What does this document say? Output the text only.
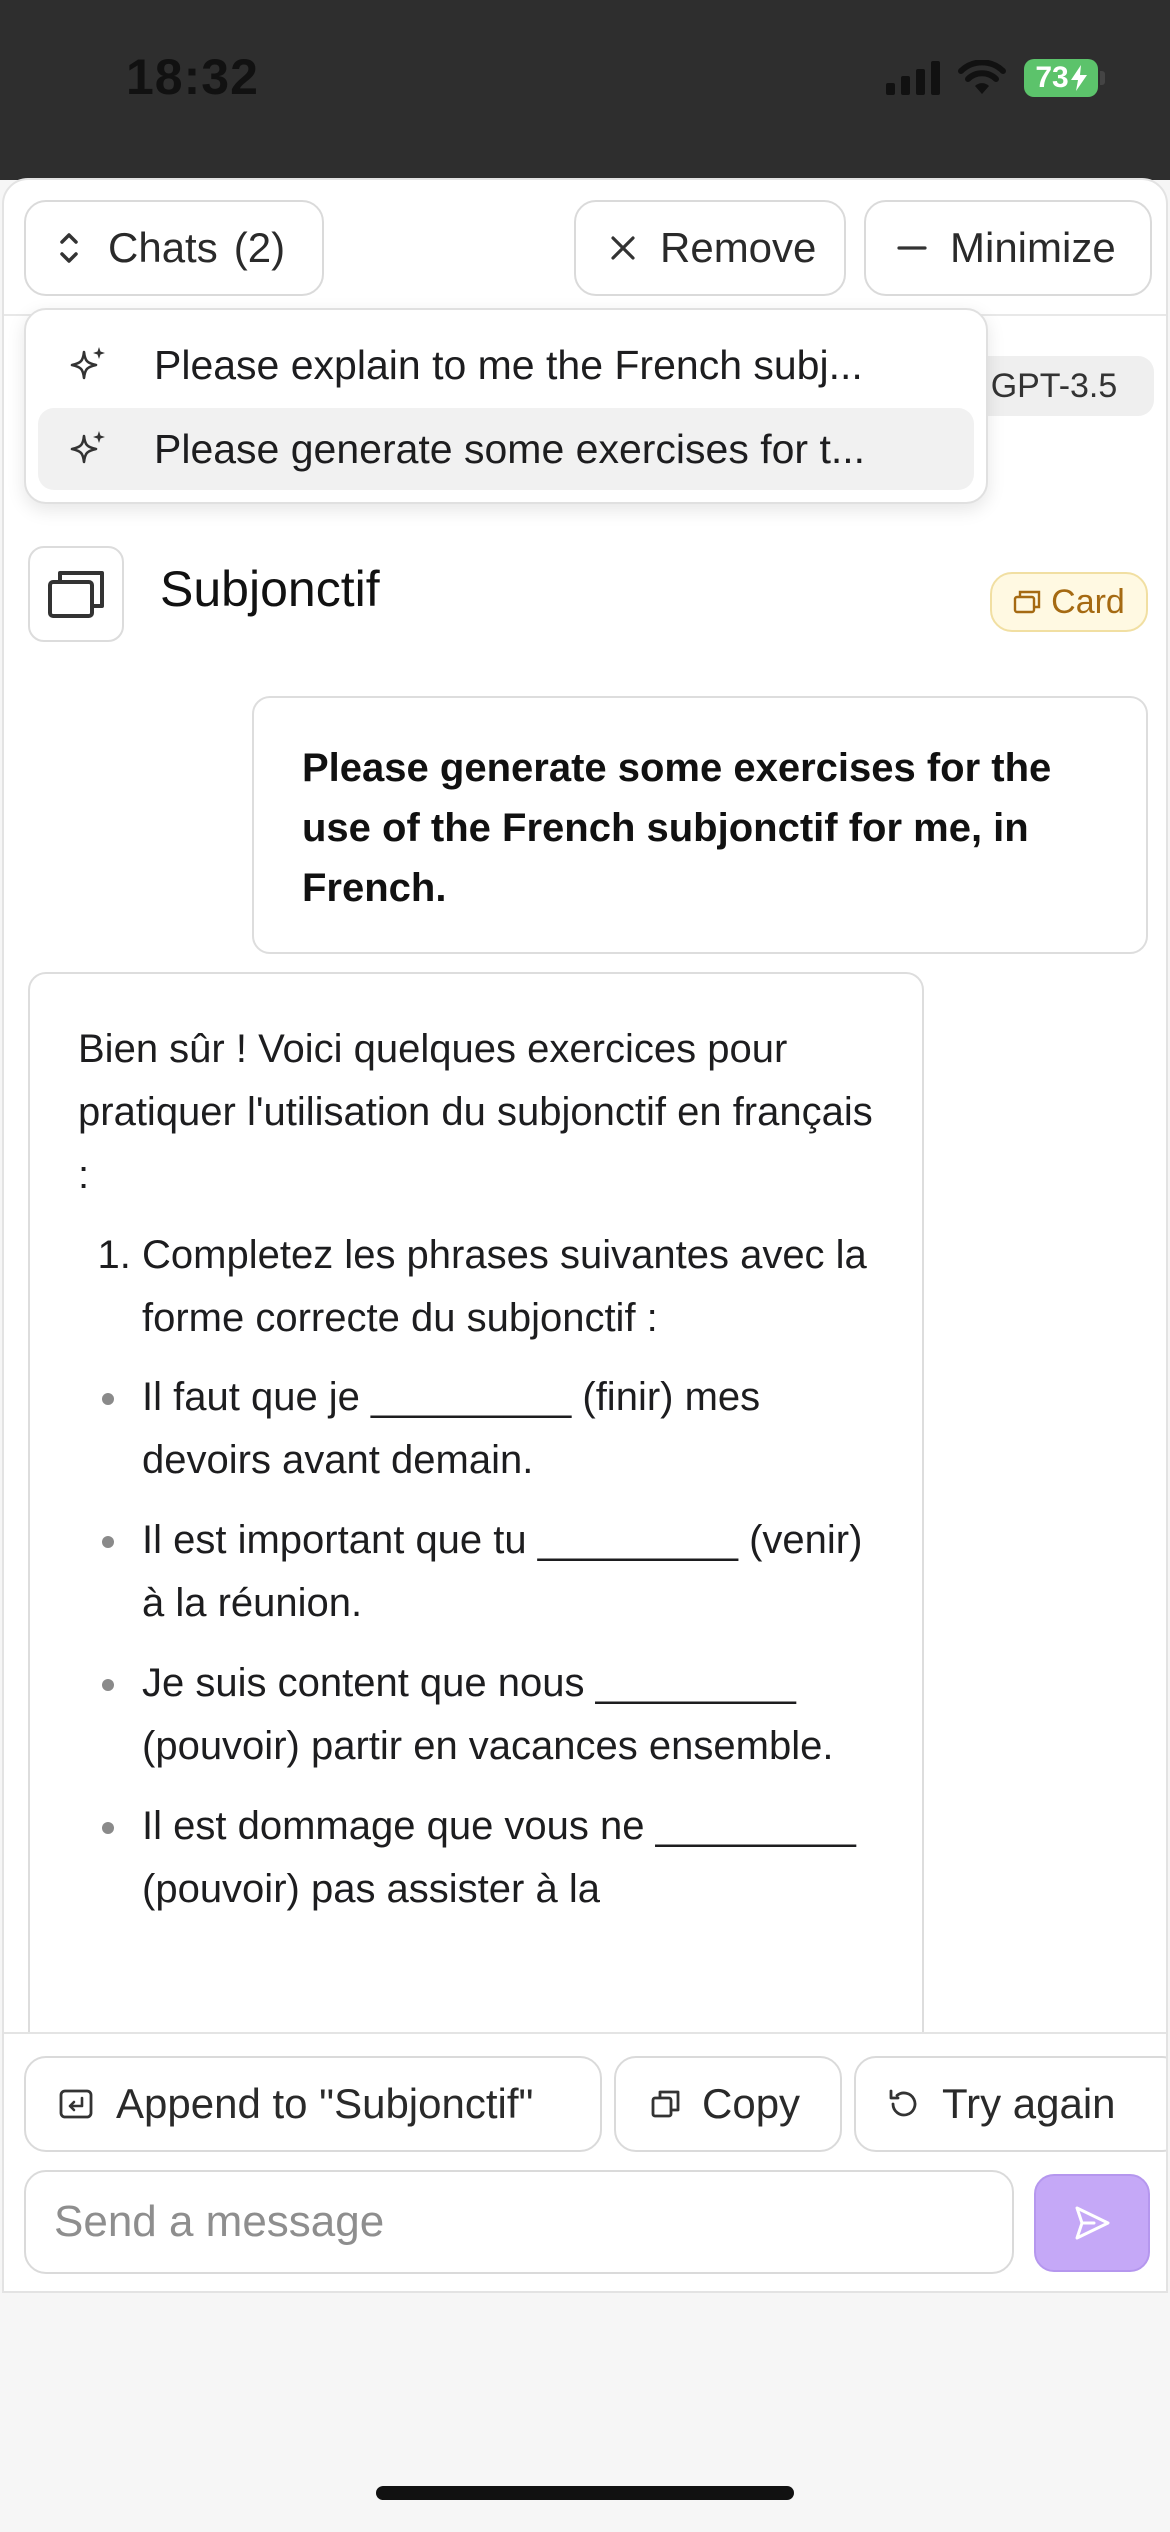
18:32	73
Chats (2)	Remove	Minimize
GPT-3.5
Please explain to me the French subj...
Please generate some exercises for t...
Subjonctif	Card
Please generate some exercises for the use of the French subjonctif for me, in French.

Bien sûr ! Voici quelques exercices pour pratiquer l'utilisation du subjonctif en français :

1. Completez les phrases suivantes avec la forme correcte du subjonctif :
Il faut que je _________ (finir) mes devoirs avant demain.
Il est important que tu _________ (venir) à la réunion.
Je suis content que nous _________ (pouvoir) partir en vacances ensemble.
Il est dommage que vous ne _________ (pouvoir) pas assister à la
Append to "Subjonctif"	Copy	Try again
Send a message
